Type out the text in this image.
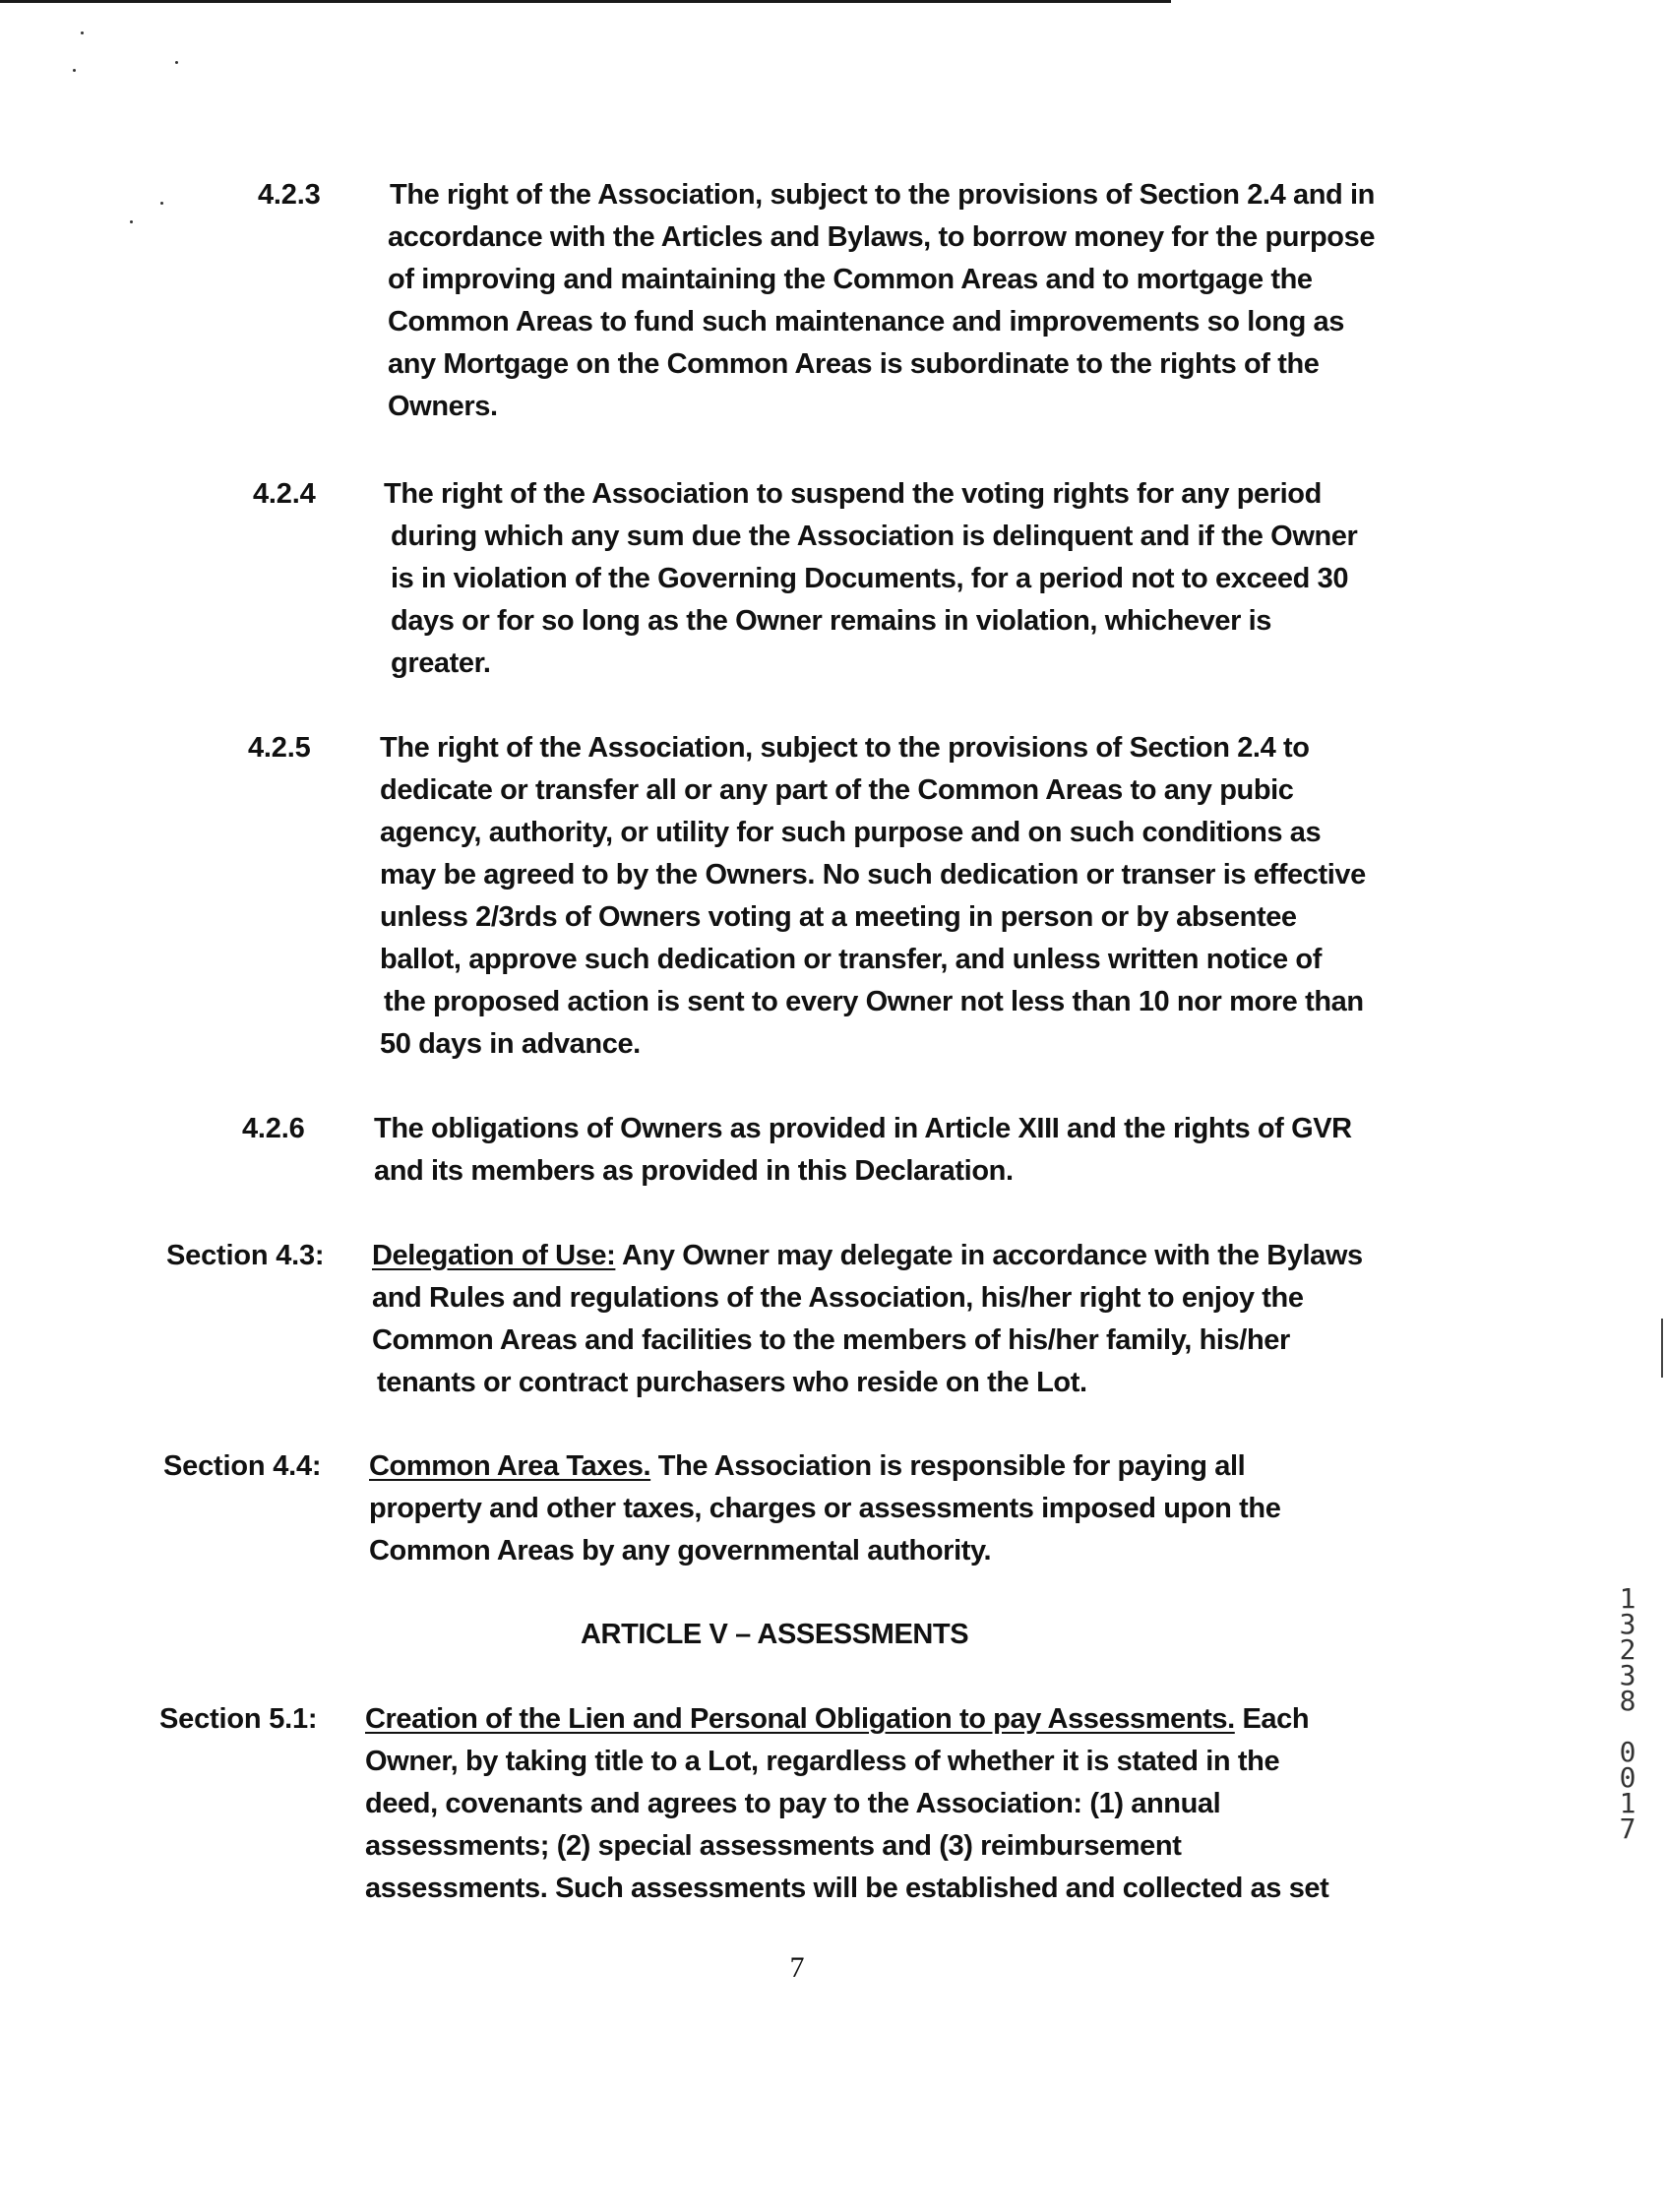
4.2.3 The right of the Association, subject to the provisions of Section 2.4 and in
accordance with the Articles and Bylaws, to borrow money for the purpose
of improving and maintaining the Common Areas and to mortgage the
Common Areas to fund such maintenance and improvements so long as
any Mortgage on the Common Areas is subordinate to the rights of the
Owners.
4.2.4 The right of the Association to suspend the voting rights for any period
during which any sum due the Association is delinquent and if the Owner
is in violation of the Governing Documents, for a period not to exceed 30
days or for so long as the Owner remains in violation, whichever is
greater.
4.2.5 The right of the Association, subject to the provisions of Section 2.4 to
dedicate or transfer all or any part of the Common Areas to any pubic
agency, authority, or utility for such purpose and on such conditions as
may be agreed to by the Owners. No such dedication or transer is effective
unless 2/3rds of Owners voting at a meeting in person or by absentee
ballot, approve such dedication or transfer, and unless written notice of
the proposed action is sent to every Owner not less than 10 nor more than
50 days in advance.
4.2.6 The obligations of Owners as provided in Article XIII and the rights of GVR
and its members as provided in this Declaration.
Section 4.3: Delegation of Use: Any Owner may delegate in accordance with the Bylaws
and Rules and regulations of the Association, his/her right to enjoy the
Common Areas and facilities to the members of his/her family, his/her
tenants or contract purchasers who reside on the Lot.
Section 4.4: Common Area Taxes. The Association is responsible for paying all
property and other taxes, charges or assessments imposed upon the
Common Areas by any governmental authority.
ARTICLE V – ASSESSMENTS
Section 5.1: Creation of the Lien and Personal Obligation to pay Assessments. Each
Owner, by taking title to a Lot, regardless of whether it is stated in the
deed, covenants and agrees to pay to the Association: (1) annual
assessments; (2) special assessments and (3) reimbursement
assessments. Such assessments will be established and collected as set
1
3
2
3
8

0
0
1
7
7
